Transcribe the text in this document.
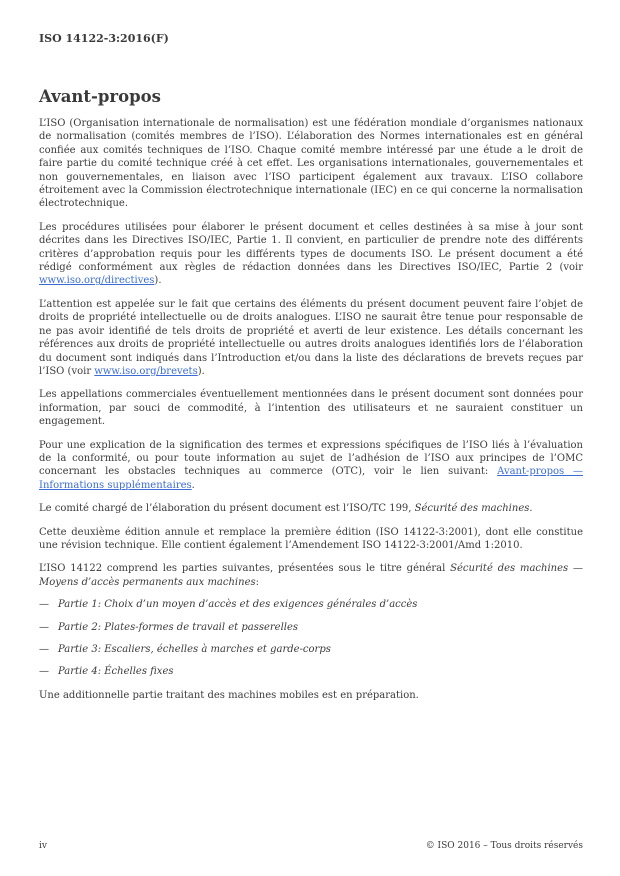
ISO 14122-3:2016(F)
Avant-propos

L’ISO (Organisation internationale de normalisation) est une fédération mondiale d’organismes nationaux de normalisation (comités membres de l’ISO). L’élaboration des Normes internationales est en général confiée aux comités techniques de l’ISO. Chaque comité membre intéressé par une étude a le droit de faire partie du comité technique créé à cet effet. Les organisations internationales, gouvernementales et non gouvernementales, en liaison avec l’ISO participent également aux travaux. L’ISO collabore étroitement avec la Commission électrotechnique internationale (IEC) en ce qui concerne la normalisation électrotechnique.

Les procédures utilisées pour élaborer le présent document et celles destinées à sa mise à jour sont décrites dans les Directives ISO/IEC, Partie 1. Il convient, en particulier de prendre note des différents critères d’approbation requis pour les différents types de documents ISO. Le présent document a été rédigé conformément aux règles de rédaction données dans les Directives ISO/IEC, Partie 2 (voir www.iso.org/directives).

L’attention est appelée sur le fait que certains des éléments du présent document peuvent faire l’objet de droits de propriété intellectuelle ou de droits analogues. L’ISO ne saurait être tenue pour responsable de ne pas avoir identifié de tels droits de propriété et averti de leur existence. Les détails concernant les références aux droits de propriété intellectuelle ou autres droits analogues identifiés lors de l’élaboration du document sont indiqués dans l’Introduction et/ou dans la liste des déclarations de brevets reçues par l’ISO (voir www.iso.org/brevets).

Les appellations commerciales éventuellement mentionnées dans le présent document sont données pour information, par souci de commodité, à l’intention des utilisateurs et ne sauraient constituer un engagement.

Pour une explication de la signification des termes et expressions spécifiques de l’ISO liés à l’évaluation de la conformité, ou pour toute information au sujet de l’adhésion de l’ISO aux principes de l’OMC concernant les obstacles techniques au commerce (OTC), voir le lien suivant: Avant-propos — Informations supplémentaires.

Le comité chargé de l’élaboration du présent document est l’ISO/TC 199, Sécurité des machines.

Cette deuxième édition annule et remplace la première édition (ISO 14122-3:2001), dont elle constitue une révision technique. Elle contient également l’Amendement ISO 14122-3:2001/Amd 1:2010.

L’ISO 14122 comprend les parties suivantes, présentées sous le titre général Sécurité des machines — Moyens d’accès permanents aux machines:

— Partie 1: Choix d’un moyen d’accès et des exigences générales d’accès
— Partie 2: Plates-formes de travail et passerelles
— Partie 3: Escaliers, échelles à marches et garde-corps
— Partie 4: Échelles fixes

Une additionnelle partie traitant des machines mobiles est en préparation.

iv	© ISO 2016 – Tous droits réservés
